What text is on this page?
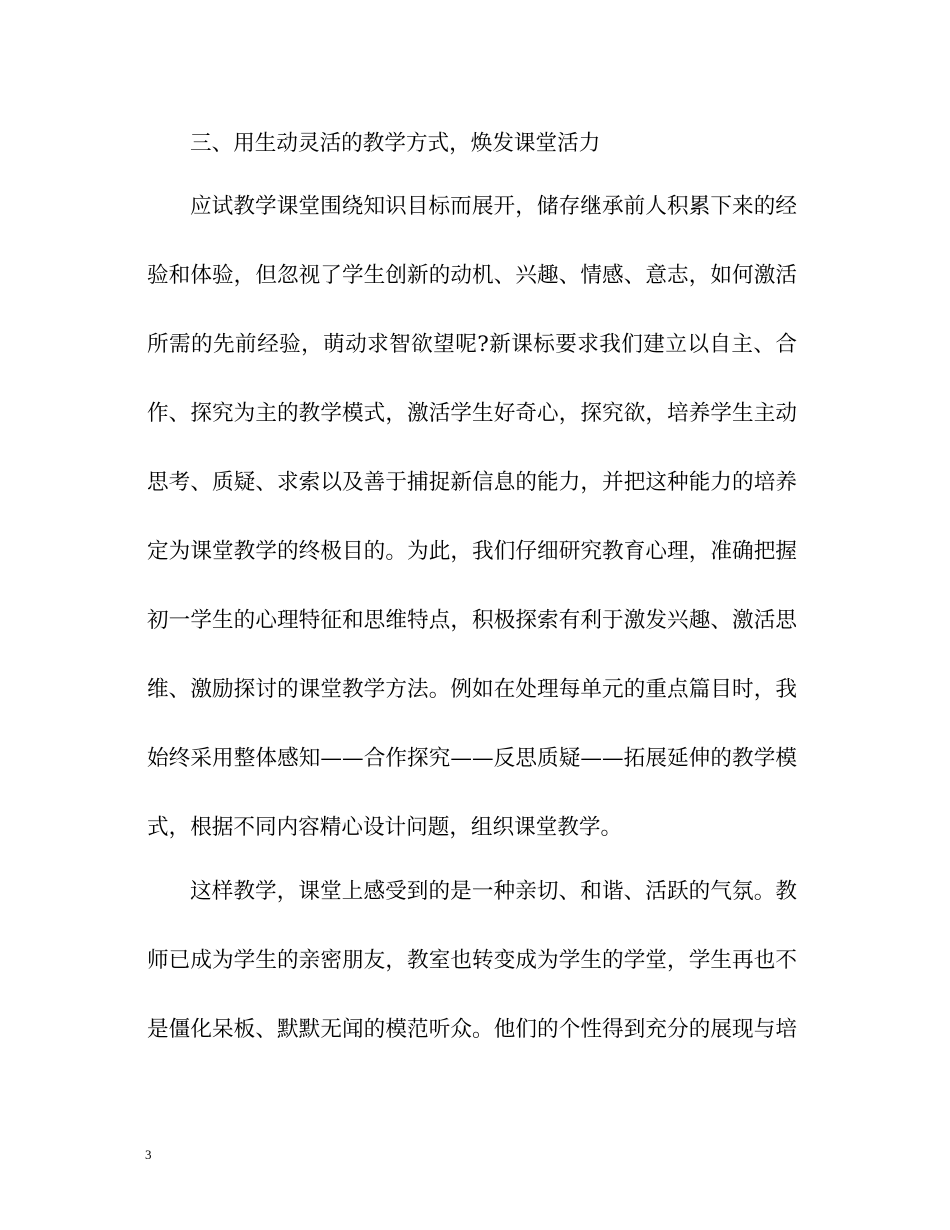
三、用生动灵活的教学方式，焕发课堂活力
应试教学课堂围绕知识目标而展开，储存继承前人积累下来的经
验和体验，但忽视了学生创新的动机、兴趣、情感、意志，如何激活
所需的先前经验，萌动求智欲望呢?新课标要求我们建立以自主、合
作、探究为主的教学模式，激活学生好奇心，探究欲，培养学生主动
思考、质疑、求索以及善于捕捉新信息的能力，并把这种能力的培养
定为课堂教学的终极目的。为此，我们仔细研究教育心理，准确把握
初一学生的心理特征和思维特点，积极探索有利于激发兴趣、激活思
维、激励探讨的课堂教学方法。例如在处理每单元的重点篇目时，我
始终采用整体感知——合作探究——反思质疑——拓展延伸的教学模
式，根据不同内容精心设计问题，组织课堂教学。
这样教学，课堂上感受到的是一种亲切、和谐、活跃的气氛。教
师已成为学生的亲密朋友，教室也转变成为学生的学堂，学生再也不
是僵化呆板、默默无闻的模范听众。他们的个性得到充分的展现与培
3
